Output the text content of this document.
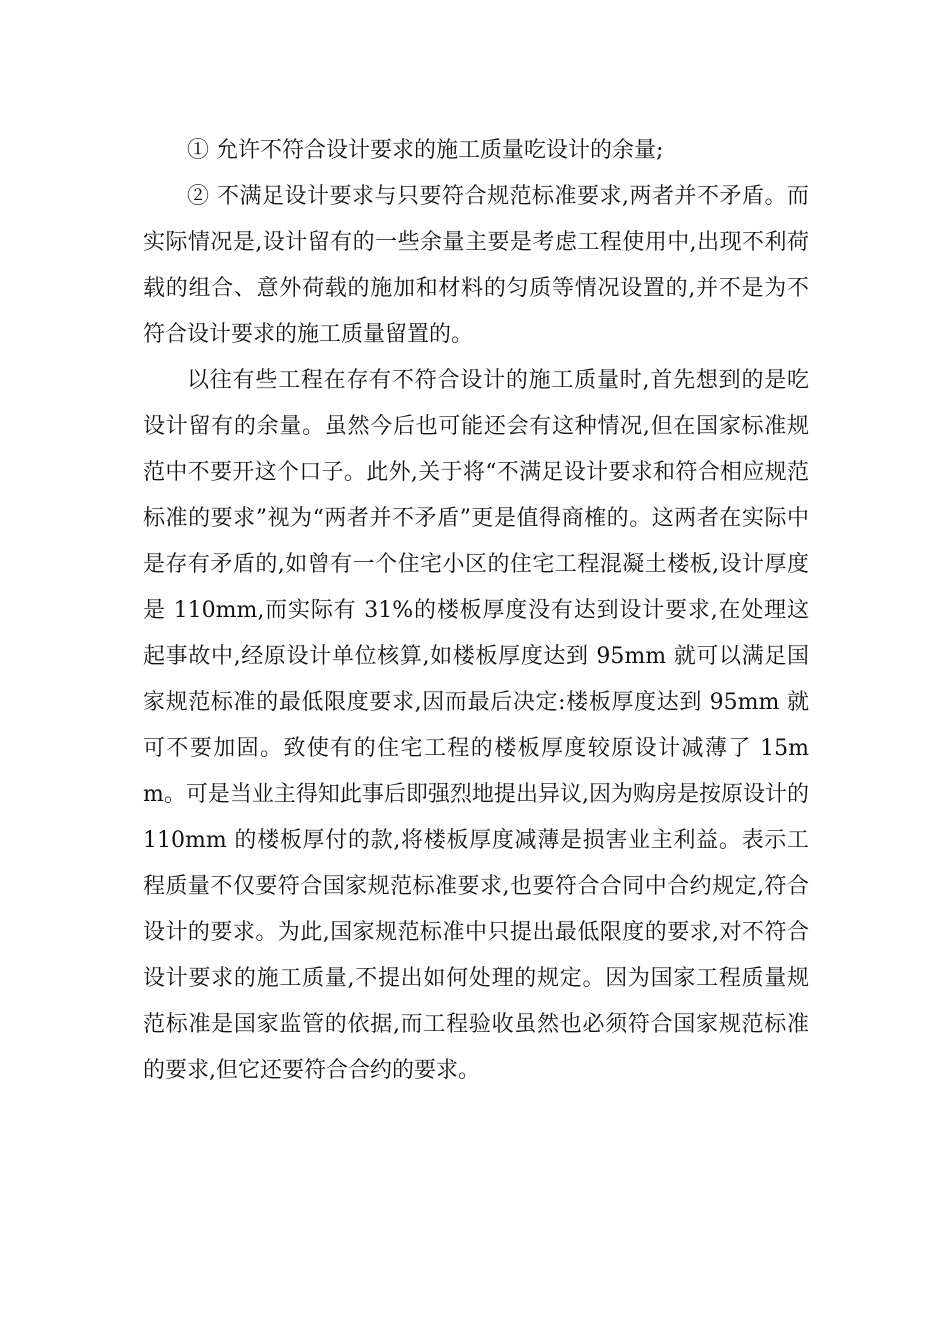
① 允许不符合设计要求的施工质量吃设计的余量;

② 不满足设计要求与只要符合规范标准要求,两者并不矛盾。而实际情况是,设计留有的一些余量主要是考虑工程使用中,出现不利荷载的组合、意外荷载的施加和材料的匀质等情况设置的,并不是为不符合设计要求的施工质量留置的。

以往有些工程在存有不符合设计的施工质量时,首先想到的是吃设计留有的余量。虽然今后也可能还会有这种情况,但在国家标准规范中不要开这个口子。此外,关于将“不满足设计要求和符合相应规范标准的要求”视为“两者并不矛盾”更是值得商榷的。这两者在实际中是存有矛盾的,如曾有一个住宅小区的住宅工程混凝土楼板,设计厚度是 110mm,而实际有 31%的楼板厚度没有达到设计要求,在处理这起事故中,经原设计单位核算,如楼板厚度达到 95mm 就可以满足国家规范标准的最低限度要求,因而最后决定:楼板厚度达到 95mm 就可不要加固。致使有的住宅工程的楼板厚度较原设计减薄了 15mm。可是当业主得知此事后即强烈地提出异议,因为购房是按原设计的 110mm 的楼板厚付的款,将楼板厚度减薄是损害业主利益。表示工程质量不仅要符合国家规范标准要求,也要符合合同中合约规定,符合设计的要求。为此,国家规范标准中只提出最低限度的要求,对不符合设计要求的施工质量,不提出如何处理的规定。因为国家工程质量规范标准是国家监管的依据,而工程验收虽然也必须符合国家规范标准的要求,但它还要符合合约的要求。
